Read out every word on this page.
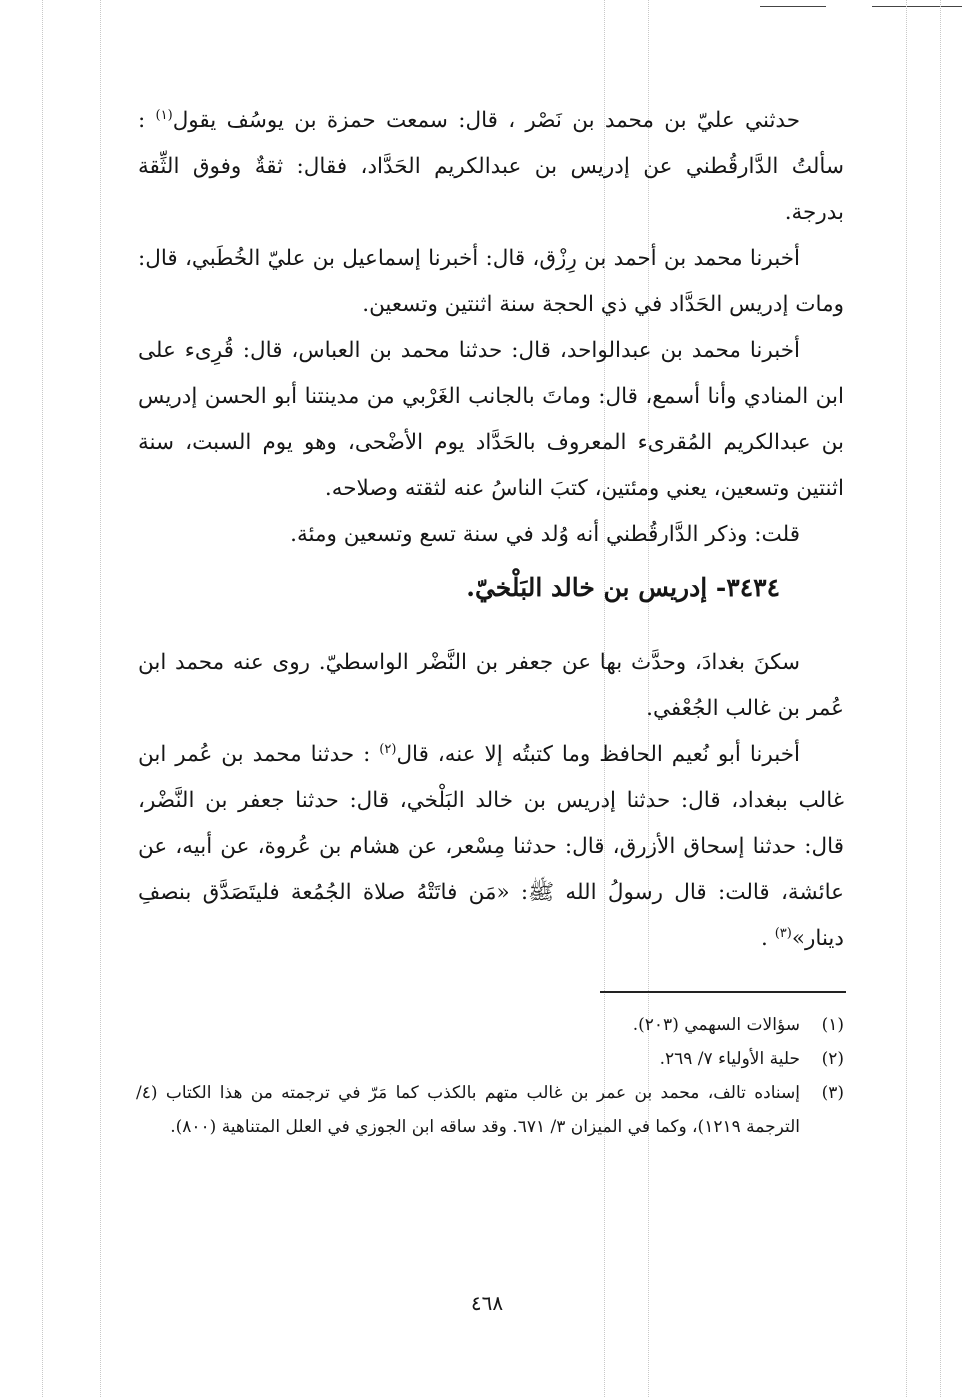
حدثني عليّ بن محمد بن نَصْر ، قال: سمعت حمزة بن يوسُف يقول$^{(١)}$ : سألتُ الدَّارقُطني عن إدريس بن عبدالكريم الحَدَّاد، فقال: ثقةٌ وفوق الثِّقة بدرجة.

أخبرنا محمد بن أحمد بن رِزْق، قال: أخبرنا إسماعيل بن عليّ الخُطَبي، قال: ومات إدريس الحَدَّاد في ذي الحجة سنة اثنتين وتسعين.

أخبرنا محمد بن عبدالواحد، قال: حدثنا محمد بن العباس، قال: قُرِىء على ابن المنادي وأنا أسمع، قال: وماتَ بالجانب الغَرْبي من مدينتنا أبو الحسن إدريس بن عبدالكريم المُقرىء المعروف بالحَدَّاد يوم الأضْحى، وهو يوم السبت، سنة اثنتين وتسعين، يعني ومئتين، كتبَ الناسُ عنه لثقته وصلاحه.

قلت: وذكر الدَّارقُطني أنه وُلد في سنة تسع وتسعين ومئة.

٣٤٣٤- إدريس بن خالد البَلْخيّ.

سكنَ بغدادَ، وحدَّث بها عن جعفر بن النَّضْر الواسطيّ. روى عنه محمد ابن عُمر بن غالب الجُعْفي.

أخبرنا أبو نُعيم الحافظ وما كتبتُه إلا عنه، قال$^{(٢)}$ : حدثنا محمد بن عُمر ابن غالب ببغداد، قال: حدثنا إدريس بن خالد البَلْخي، قال: حدثنا جعفر بن النَّضْر، قال: حدثنا إسحاق الأزرق، قال: حدثنا مِسْعر، عن هشام بن عُروة، عن أبيه، عن عائشة، قالت: قال رسولُ الله ﷺ: «مَن فاتَتْهُ صلاة الجُمُعة فليتَصَدَّق بنصفِ دينار»$^{(٣)}$ .

(١)
سؤالات السهمي (٢٠٣).
(٢)
حلية الأولياء ٧/ ٢٦٩.
(٣)
إسناده تالف، محمد بن عمر بن غالب متهم بالكذب كما مَرّ في ترجمته من هذا الكتاب (٤/ الترجمة ١٢١٩)، وكما في الميزان ٣/ ٦٧١. وقد ساقه ابن الجوزي في العلل المتناهية (٨٠٠).
٤٦٨
